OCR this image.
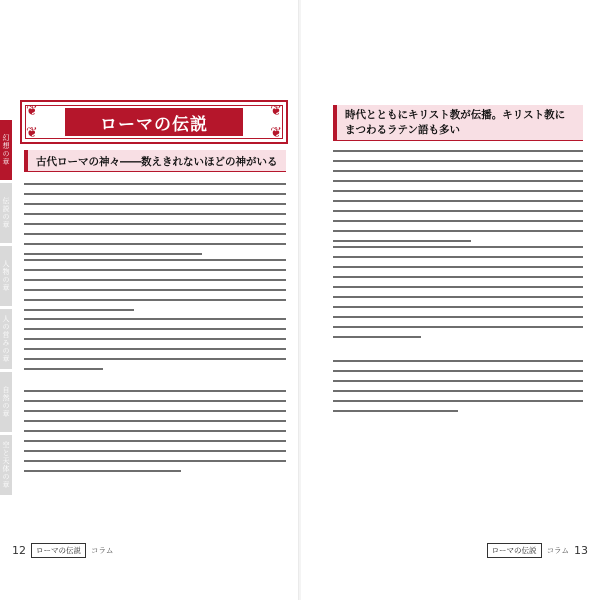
幻想の章
伝説の章
人物の章
人の営みの章
自然の章
空と天体の章
❦	❦
❦	❦
ローマの伝説
古代ローマの神々――数えきれないほどの神がいる
12	ローマの伝説	コラム
時代とともにキリスト教が伝播。キリスト教にまつわるラテン語も多い
ローマの伝説	コラム 13
